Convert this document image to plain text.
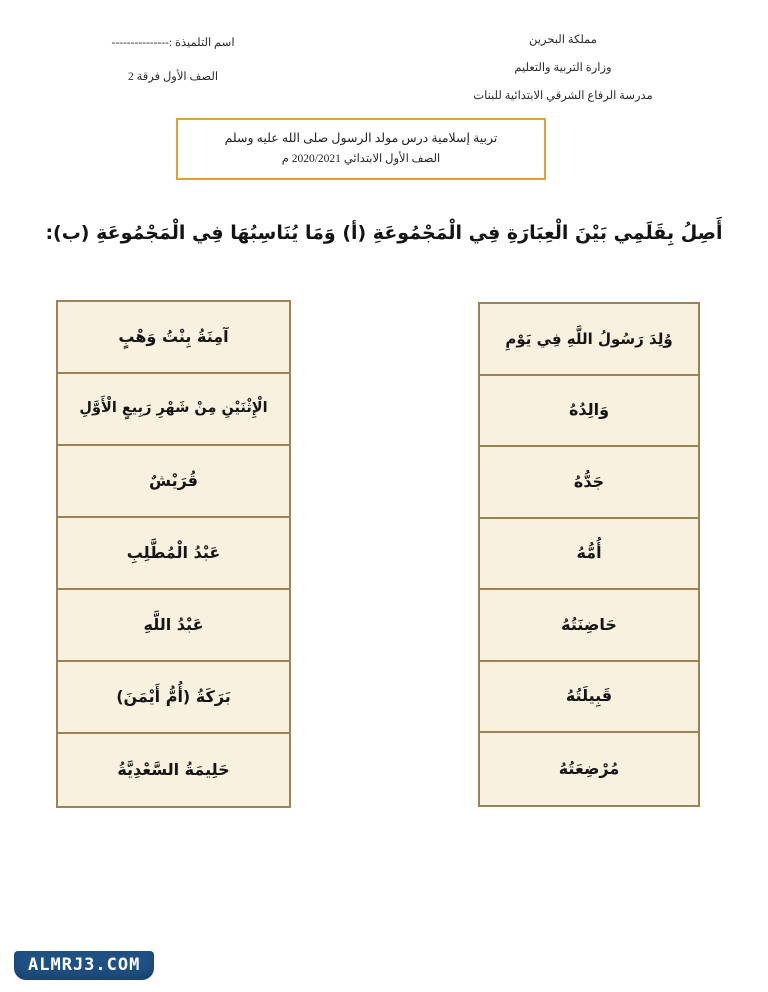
مملكة البحرين
وزارة التربية والتعليم
مدرسة الرفاع الشرقي الابتدائية للبنات
اسم التلميذة :---------------
الصف الأول فرقة 2
تربية إسلامية درس مولد الرسول صلى الله عليه وسلم
الصف الأول الابتدائي 2020/2021 م
أَصِلُ بِقَلَمِي بَيْنَ الْعِبَارَةِ فِي الْمَجْمُوعَةِ (أ) وَمَا يُنَاسِبُهَا فِي الْمَجْمُوعَةِ (ب):
وُلِدَ رَسُولُ اللَّهِ فِي يَوْمِ
وَالِدُهُ
جَدُّهُ
أُمُّهُ
حَاضِنَتُهُ
قَبِيلَتُهُ
مُرْضِعَتُهُ
آمِنَةُ بِنْتُ وَهْبٍ
الْإِثْنَيْنِ مِنْ شَهْرِ رَبِيعٍ الْأَوَّلِ
قُرَيْشٌ
عَبْدُ الْمُطَّلِبِ
عَبْدُ اللَّهِ
بَرَكَةُ (أُمُّ أَيْمَنَ)
حَلِيمَةُ السَّعْدِيَّةُ
ALMRJ3.COM
